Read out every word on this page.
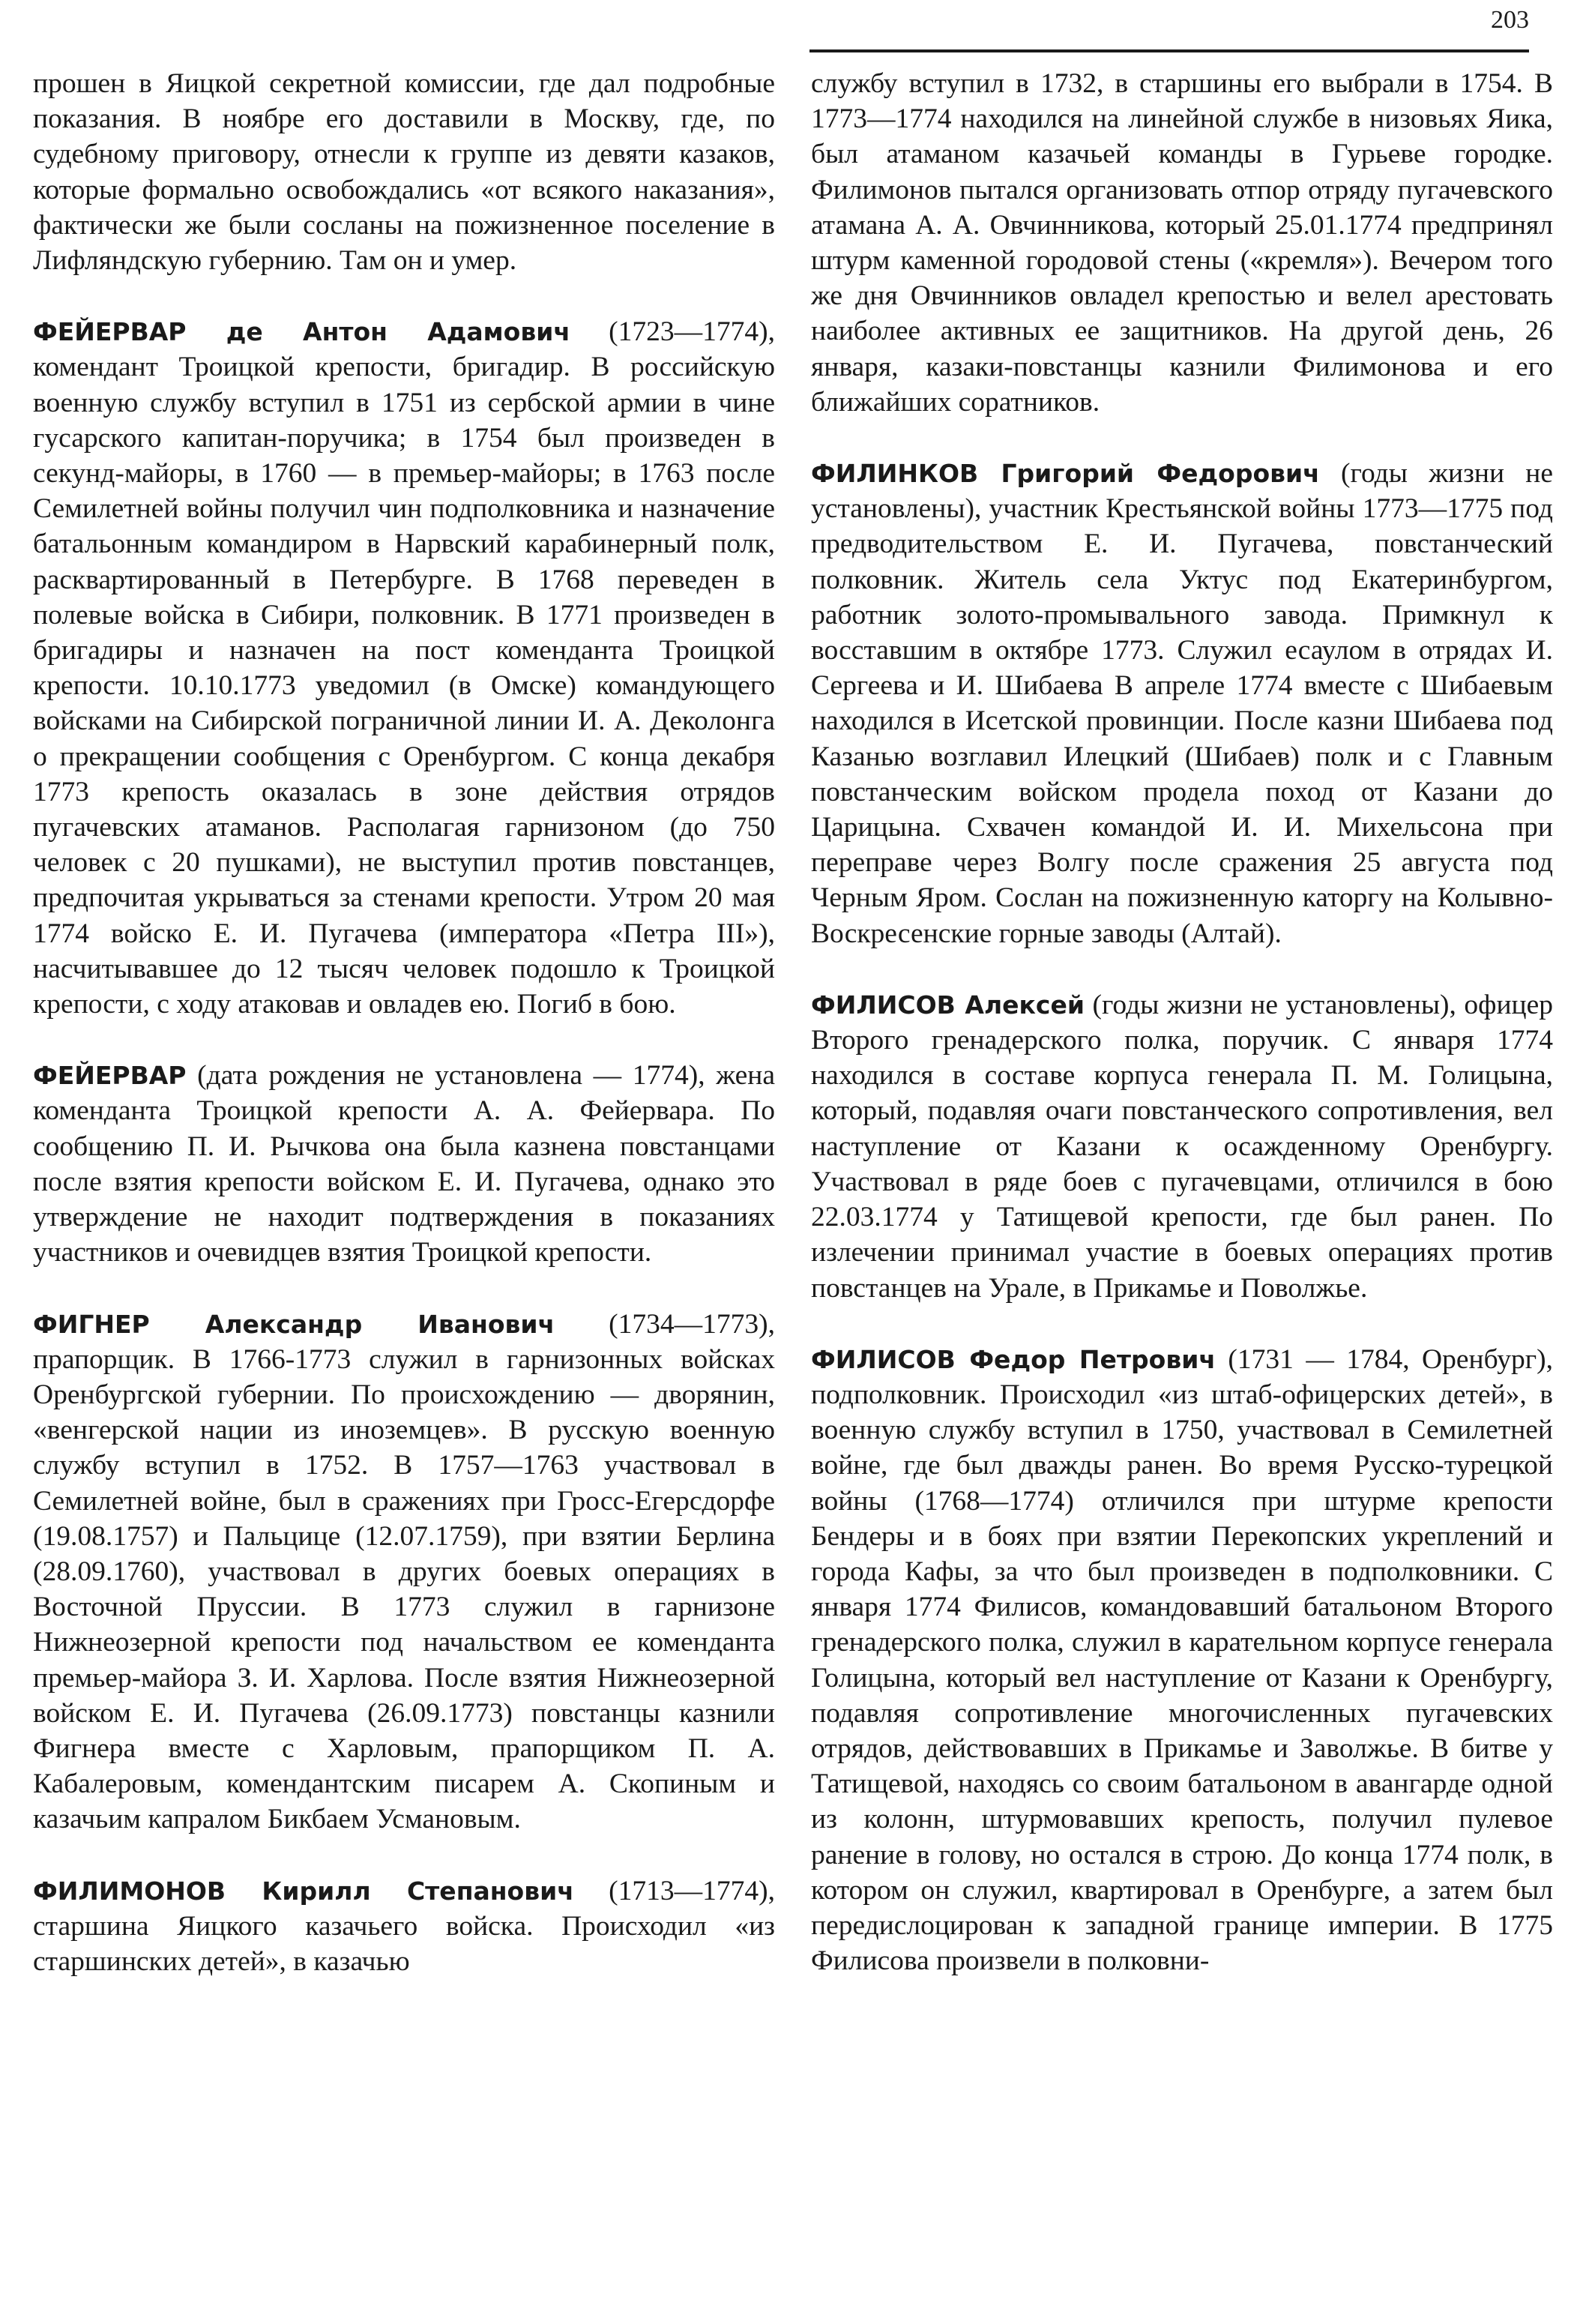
203

прошен в Яицкой секретной комиссии, где дал подробные показания. В ноябре его доставили в Москву, где, по судебному приговору, отнесли к группе из девяти казаков, которые формально освобождались «от всякого наказания», фактически же были сосланы на пожизненное поселение в Лифляндскую губернию. Там он и умер.

ФЕЙЕРВАР де Антон Адамович (1723—1774), комендант Троицкой крепости, бригадир. В российскую военную службу вступил в 1751 из сербской армии в чине гусарского капитан-поручика; в 1754 был произведен в секунд-майоры, в 1760 — в премьер-майоры; в 1763 после Семилетней войны получил чин подполковника и назначение батальонным командиром в Нарвский карабинерный полк, расквартированный в Петербурге. В 1768 переведен в полевые войска в Сибири, полковник. В 1771 произведен в бригадиры и назначен на пост коменданта Троицкой крепости. 10.10.1773 уведомил (в Омске) командующего войсками на Сибирской пограничной линии И. А. Деколонга о прекращении сообщения с Оренбургом. С конца декабря 1773 крепость оказалась в зоне действия отрядов пугачевских атаманов. Располагая гарнизоном (до 750 человек с 20 пушками), не выступил против повстанцев, предпочитая укрываться за стенами крепости. Утром 20 мая 1774 войско Е. И. Пугачева (императора «Петра III»), насчитывавшее до 12 тысяч человек подошло к Троицкой крепости, с ходу атаковав и овладев ею. Погиб в бою.

ФЕЙЕРВАР (дата рождения не установлена — 1774), жена коменданта Троицкой крепости А. А. Фейервара. По сообщению П. И. Рычкова она была казнена повстанцами после взятия крепости войском Е. И. Пугачева, однако это утверждение не находит подтверждения в показаниях участников и очевидцев взятия Троицкой крепости.

ФИГНЕР Александр Иванович (1734—1773), прапорщик. В 1766-1773 служил в гарнизонных войсках Оренбургской губернии. По происхождению — дворянин, «венгерской нации из иноземцев». В русскую военную службу вступил в 1752. В 1757—1763 участвовал в Семилетней войне, был в сражениях при Гросс-Егерсдорфе (19.08.1757) и Пальцице (12.07.1759), при взятии Берлина (28.09.1760), участвовал в других боевых операциях в Восточной Пруссии. В 1773 служил в гарнизоне Нижнеозерной крепости под начальством ее коменданта премьер-майора З. И. Харлова. После взятия Нижнеозерной войском Е. И. Пугачева (26.09.1773) повстанцы казнили Фигнера вместе с Харловым, прапорщиком П. А. Кабалеровым, комендантским писарем А. Скопиным и казачьим капралом Бикбаем Усмановым.

ФИЛИМОНОВ Кирилл Степанович (1713—1774), старшина Яицкого казачьего войска. Происходил «из старшинских детей», в казачью

службу вступил в 1732, в старшины его выбрали в 1754. В 1773—1774 находился на линейной службе в низовьях Яика, был атаманом казачьей команды в Гурьеве городке. Филимонов пытался организовать отпор отряду пугачевского атамана А. А. Овчинникова, который 25.01.1774 предпринял штурм каменной городовой стены («кремля»). Вечером того же дня Овчинников овладел крепостью и велел арестовать наиболее активных ее защитников. На другой день, 26 января, казаки-повстанцы казнили Филимонова и его ближайших соратников.

ФИЛИНКОВ Григорий Федорович (годы жизни не установлены), участник Крестьянской войны 1773—1775 под предводительством Е. И. Пугачева, повстанческий полковник. Житель села Уктус под Екатеринбургом, работник золото-промывального завода. Примкнул к восставшим в октябре 1773. Служил есаулом в отрядах И. Сергеева и И. Шибаева В апреле 1774 вместе с Шибаевым находился в Исетской провинции. После казни Шибаева под Казанью возглавил Илецкий (Шибаев) полк и с Главным повстанческим войском продела поход от Казани до Царицына. Схвачен командой И. И. Михельсона при переправе через Волгу после сражения 25 августа под Черным Яром. Сослан на пожизненную каторгу на Колывно-Воскресенские горные заводы (Алтай).

ФИЛИСОВ Алексей (годы жизни не установлены), офицер Второго гренадерского полка, поручик. С января 1774 находился в составе корпуса генерала П. М. Голицына, который, подавляя очаги повстанческого сопротивления, вел наступление от Казани к осажденному Оренбургу. Участвовал в ряде боев с пугачевцами, отличился в бою 22.03.1774 у Татищевой крепости, где был ранен. По излечении принимал участие в боевых операциях против повстанцев на Урале, в Прикамье и Поволжье.

ФИЛИСОВ Федор Петрович (1731 — 1784, Оренбург), подполковник. Происходил «из штаб-офицерских детей», в военную службу вступил в 1750, участвовал в Семилетней войне, где был дважды ранен. Во время Русско-турецкой войны (1768—1774) отличился при штурме крепости Бендеры и в боях при взятии Перекопских укреплений и города Кафы, за что был произведен в подполковники. С января 1774 Филисов, командовавший батальоном Второго гренадерского полка, служил в карательном корпусе генерала Голицына, который вел наступление от Казани к Оренбургу, подавляя сопротивление многочисленных пугачевских отрядов, действовавших в Прикамье и Заволжье. В битве у Татищевой, находясь со своим батальоном в авангарде одной из колонн, штурмовавших крепость, получил пулевое ранение в голову, но остался в строю. До конца 1774 полк, в котором он служил, квартировал в Оренбурге, а затем был передислоцирован к западной границе империи. В 1775 Филисова произвели в полковни-
